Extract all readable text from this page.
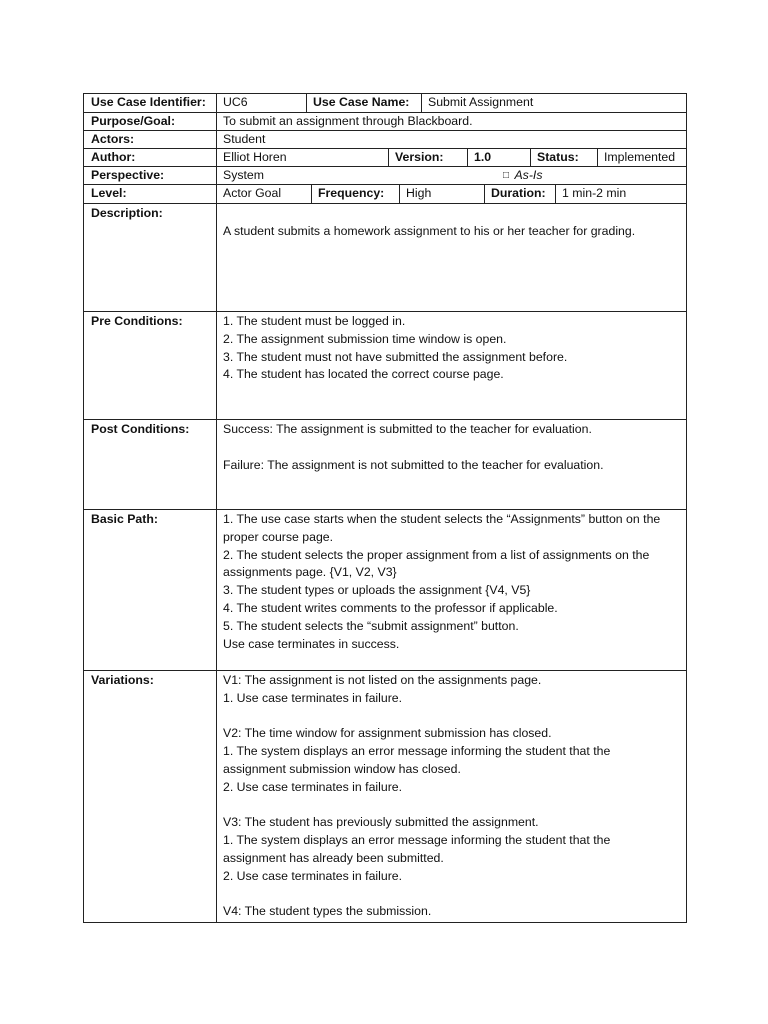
Use Case Identifier:	UC6	Use Case Name:	Submit Assignment
Purpose/Goal:	To submit an assignment through Blackboard.
Actors:	Student
Author:	Elliot Horen	Version:	1.0	Status:	Implemented
Perspective:	System	□ As-Is
Level:	Actor Goal	Frequency:	High	Duration:	1 min-2 min
Description:
A student submits a homework assignment to his or her teacher for grading.
Pre Conditions:	1. The student must be logged in.
2. The assignment submission time window is open.
3. The student must not have submitted the assignment before.
4. The student has located the correct course page.
Post Conditions:	Success: The assignment is submitted to the teacher for evaluation.
Failure: The assignment is not submitted to the teacher for evaluation.
Basic Path:	1. The use case starts when the student selects the “Assignments” button on the
proper course page.
2. The student selects the proper assignment from a list of assignments on the
assignments page. {V1, V2, V3}
3. The student types or uploads the assignment {V4, V5}
4. The student writes comments to the professor if applicable.
5. The student selects the “submit assignment” button.
Use case terminates in success.
Variations:	V1: The assignment is not listed on the assignments page.
1. Use case terminates in failure.
V2: The time window for assignment submission has closed.
1. The system displays an error message informing the student that the
assignment submission window has closed.
2. Use case terminates in failure.
V3: The student has previously submitted the assignment.
1. The system displays an error message informing the student that the
assignment has already been submitted.
2. Use case terminates in failure.
V4: The student types the submission.
